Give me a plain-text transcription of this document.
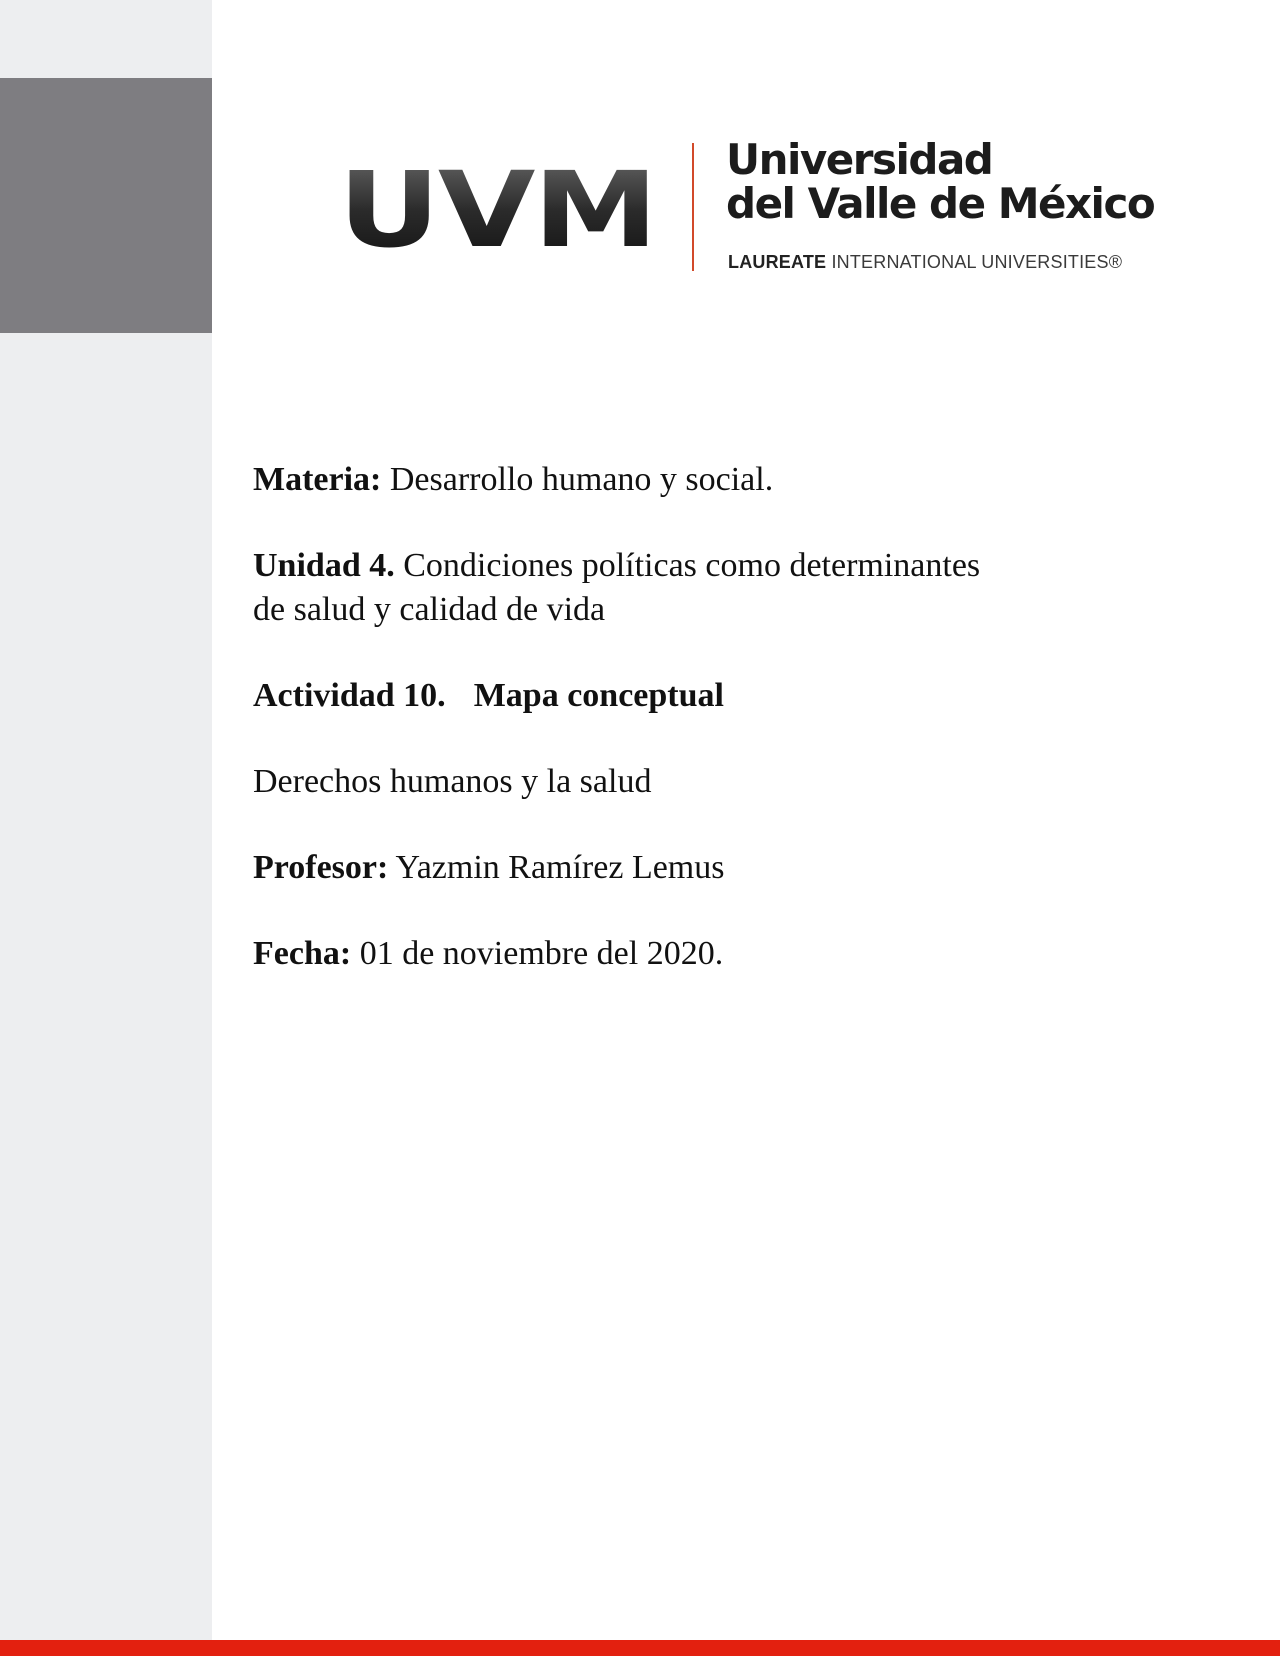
UVM Universidad
del Valle de México
LAUREATE INTERNATIONAL UNIVERSITIES®

Materia: Desarrollo humano y social.

Unidad 4. Condiciones políticas como determinantes
de salud y calidad de vida

Actividad 10. Mapa conceptual

Derechos humanos y la salud

Profesor: Yazmin Ramírez Lemus

Fecha: 01 de noviembre del 2020.
